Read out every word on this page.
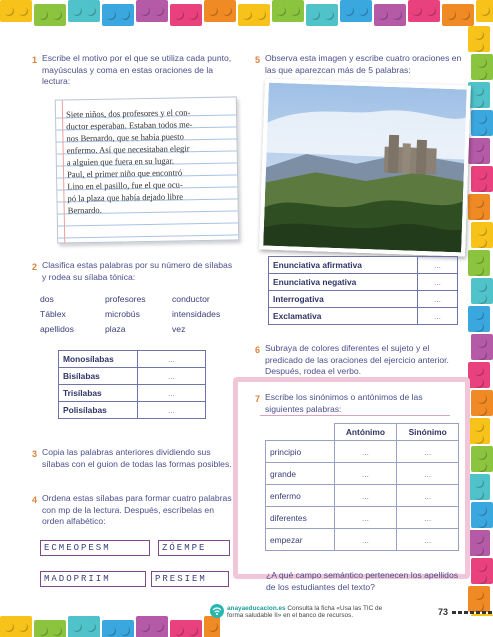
1 Escribe el motivo por el que se utiliza cada punto, mayúsculas y coma en estas oraciones de la lectura:
Siete niños, dos profesores y el con-
ductor esperaban. Estaban todos me-
nos Bernardo, que se había puesto
enfermo. Así que necesitaban elegir
a alguien que fuera en su lugar.
Paul, el primer niño que encontró
Lino en el pasillo, fue el que ocu-
pó la plaza que había dejado libre
Bernardo.
2 Clasifica estas palabras por su número de sílabas y rodea su sílaba tónica:
dos	profesores	conductor
Táblex	microbús	intensidades
apellidos	plaza	vez
Monosílabas	...
Bisílabas	...
Trisílabas	...
Polisílabas	...
3 Copia las palabras anteriores dividiendo sus sílabas con el guion de todas las formas posibles.
4 Ordena estas sílabas para formar cuatro palabras con mp de la lectura. Después, escríbelas en orden alfabético:
ECMEOPESM	ZÓEMPE
MADOPRIIM	PRESIEM
5 Observa esta imagen y escribe cuatro oraciones en las que aparezcan más de 5 palabras:
Enunciativa afirmativa	...
Enunciativa negativa	...
Interrogativa	...
Exclamativa	...
6 Subraya de colores diferentes el sujeto y el predicado de las oraciones del ejercicio anterior. Después, rodea el verbo.
7 Escribe los sinónimos o antónimos de las siguientes palabras:
	Antónimo	Sinónimo
principio	...	...
grande	...	...
enfermo	...	...
diferentes	...	...
empezar	...	...
¿A qué campo semántico pertenecen los apellidos de los estudiantes del texto?
anayaeducacion.es Consulta la ficha «Usa las TIC de
forma saludable II» en el banco de recursos.	73
